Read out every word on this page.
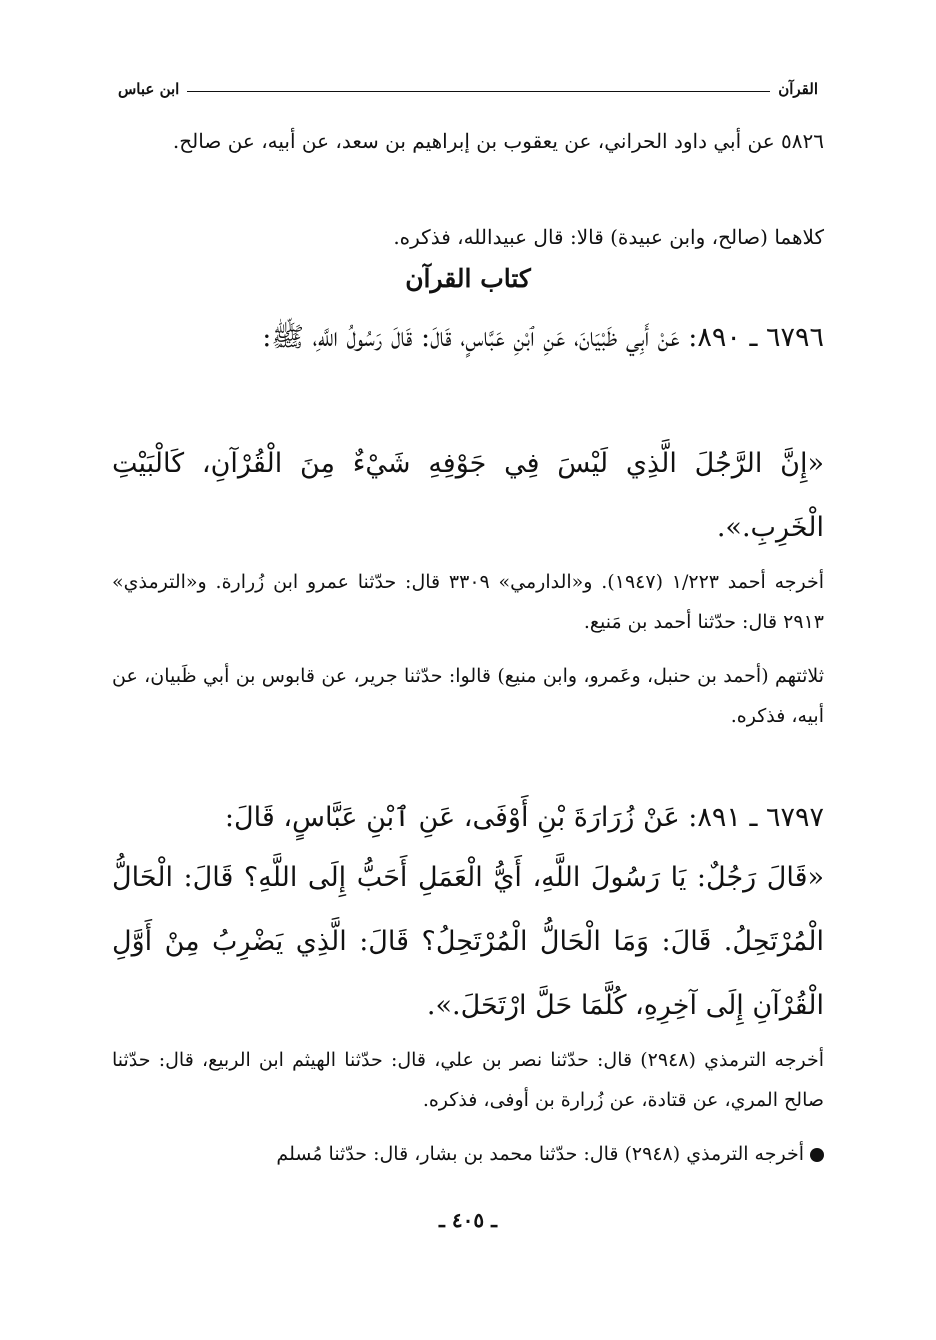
القرآن
ابن عباس
٥٨٢٦ عن أبي داود الحراني، عن يعقوب بن إبراهيم بن سعد، عن أبيه، عن صالح.
كلاهما (صالح، وابن عبيدة) قالا: قال عبيدالله، فذكره.
كتاب القرآن
٦٧٩٦ ـ ٨٩٠: عَنْ أَبِي ظَبْيَانَ، عَنِ ٱبْنِ عَبَّاسٍ، قَالَ: قَالَ رَسُولُ اللَّهِ، ﷺ:
«إِنَّ الرَّجُلَ الَّذِي لَيْسَ فِي جَوْفِهِ شَيْءٌ مِنَ الْقُرْآنِ، كَالْبَيْتِ الْخَرِبِ.».
أخرجه أحمد ١/٢٢٣ (١٩٤٧). و«الدارمي» ٣٣٠٩ قال: حدّثنا عمرو ابن زُرارة. و«الترمذي» ٢٩١٣ قال: حدّثنا أحمد بن مَنيع.
ثلاثتهم (أحمد بن حنبل، وعَمرو، وابن منيع) قالوا: حدّثنا جرير، عن قابوس بن أبي ظَبيان، عن أبيه، فذكره.
٦٧٩٧ ـ ٨٩١: عَنْ زُرَارَةَ بْنِ أَوْفَى، عَنِ ٱبْنِ عَبَّاسٍ، قَالَ:
«قَالَ رَجُلٌ: يَا رَسُولَ اللَّهِ، أَيُّ الْعَمَلِ أَحَبُّ إِلَى اللَّهِ؟ قَالَ: الْحَالُّ الْمُرْتَحِلُ. قَالَ: وَمَا الْحَالُّ الْمُرْتَحِلُ؟ قَالَ: الَّذِي يَضْرِبُ مِنْ أَوَّلِ الْقُرْآنِ إِلَى آخِرِهِ، كُلَّمَا حَلَّ ارْتَحَلَ.».
أخرجه الترمذي (٢٩٤٨) قال: حدّثنا نصر بن علي، قال: حدّثنا الهيثم ابن الربيع، قال: حدّثنا صالح المري، عن قتادة، عن زُرارة بن أوفى، فذكره.
أخرجه الترمذي (٢٩٤٨) قال: حدّثنا محمد بن بشار، قال: حدّثنا مُسلم
ـ ٤٠٥ ـ
